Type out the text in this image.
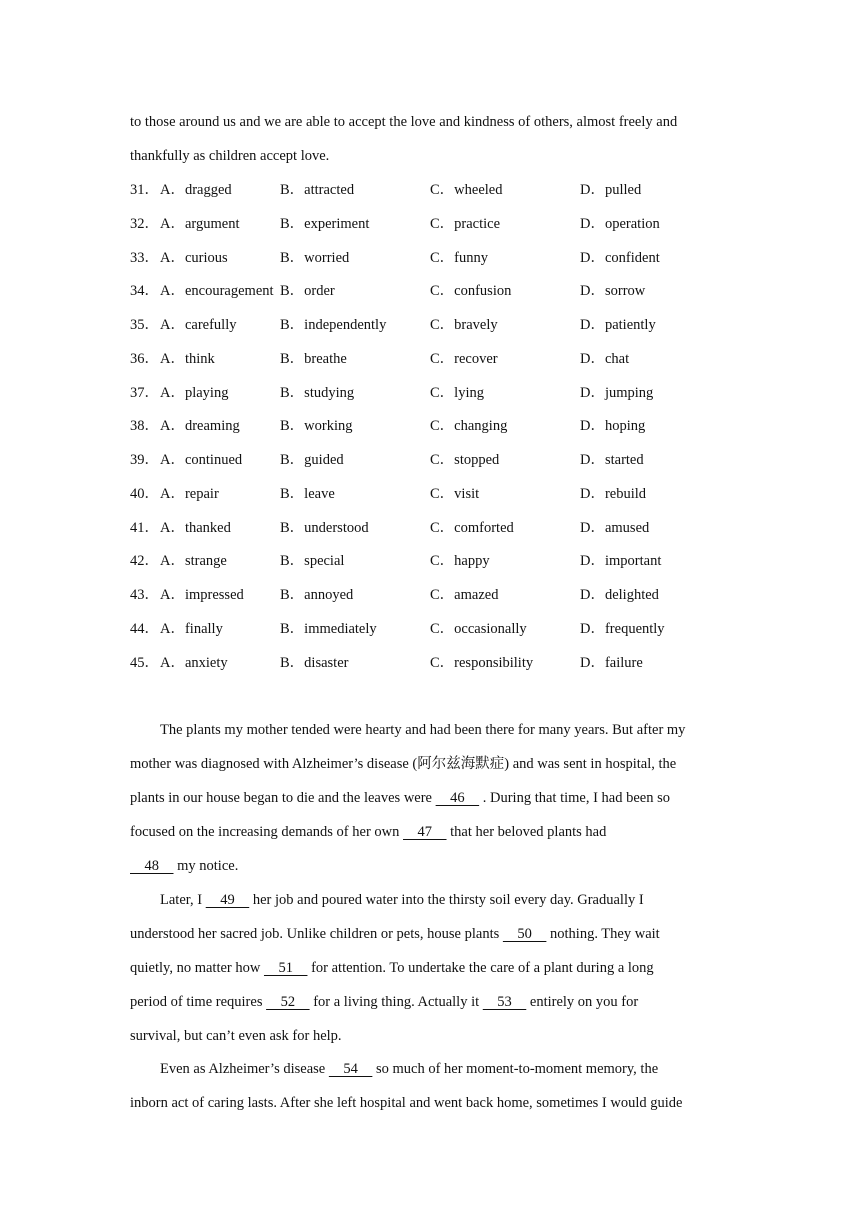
to those around us and we are able to accept the love and kindness of others, almost freely and
thankfully as children accept love.
31． A．dragged	B．attracted	C．wheeled	D．pulled
32． A．argument	B．experiment	C．practice	D．operation
33． A．curious	B．worried	C．funny	D．confident
34． A．encouragement B．order	C．confusion	D．sorrow
35． A．carefully	B．independently	C．bravely	D．patiently
36． A．think	B．breathe	C．recover	D．chat
37． A．playing	B．studying	C．lying	D．jumping
38． A．dreaming	B．working	C．changing	D．hoping
39． A．continued	B．guided	C．stopped	D．started
40． A．repair	B．leave	C．visit	D．rebuild
41． A．thanked	B．understood	C．comforted	D．amused
42． A．strange	B．special	C．happy	D．important
43． A．impressed B．annoyed	C．amazed	D．delighted
44． A．finally	B．immediately	C．occasionally	D．frequently
45． A．anxiety	B．disaster	C．responsibility	D．failure
The plants my mother tended were hearty and had been there for many years. But after my
mother was diagnosed with Alzheimer’s disease (阿尔兹海默症) and was sent in hospital, the
plants in our house began to die and the leaves were     46     . During that time, I had been so
focused on the increasing demands of her own     47     that her beloved plants had
48     my notice.
Later, I     49     her job and poured water into the thirsty soil every day. Gradually I
understood her sacred job. Unlike children or pets, house plants     50     nothing. They wait
quietly, no matter how     51     for attention. To undertake the care of a plant during a long
period of time requires     52     for a living thing. Actually it     53     entirely on you for
survival, but can’t even ask for help.
Even as Alzheimer’s disease     54     so much of her moment-to-moment memory, the
inborn act of caring lasts. After she left hospital and went back home, sometimes I would guide
